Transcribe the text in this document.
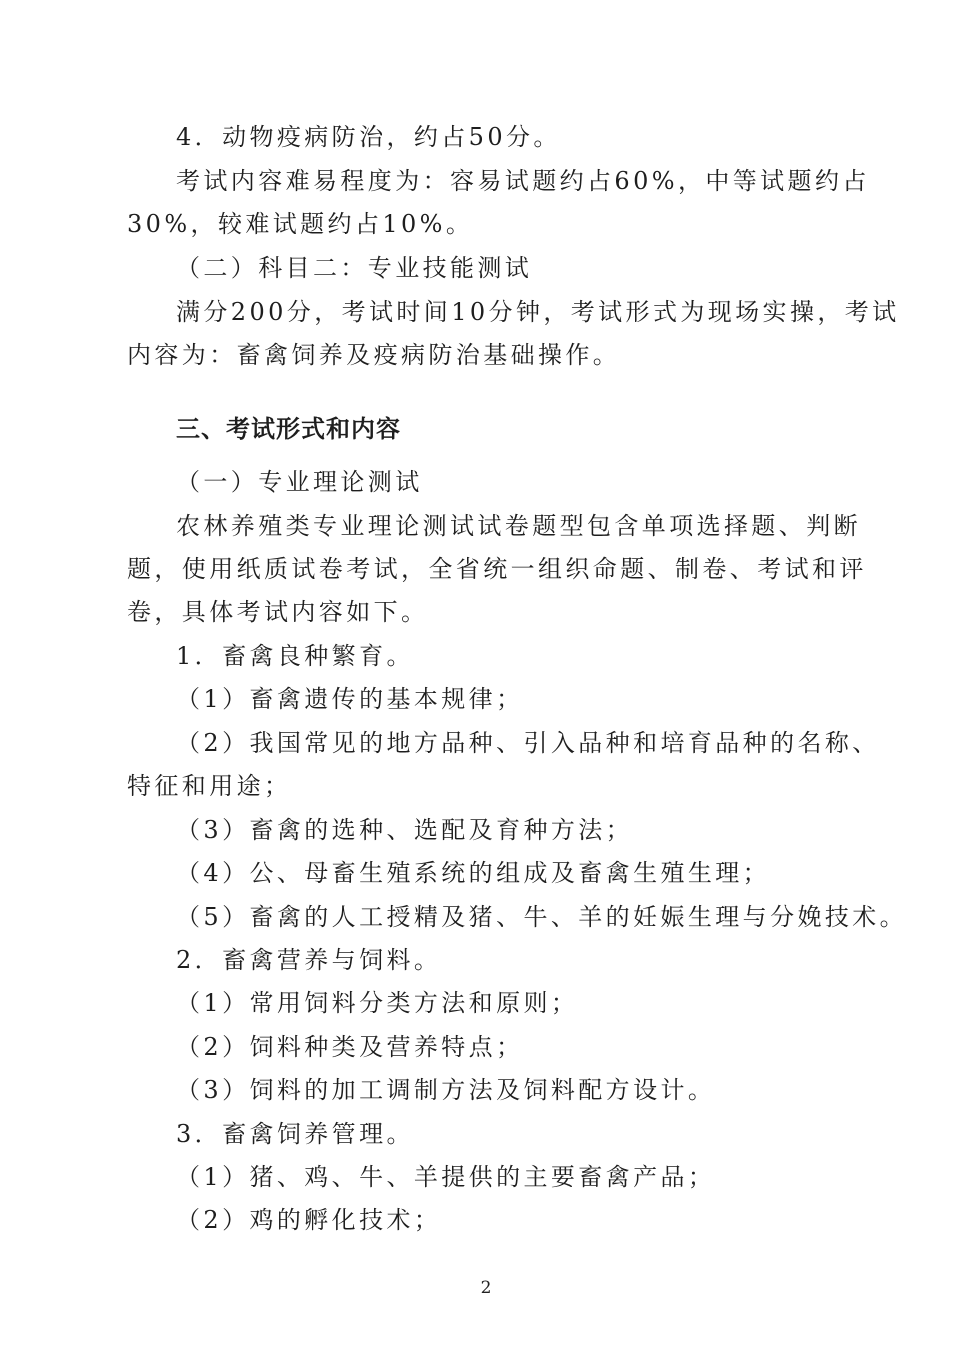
4．动物疫病防治，约占50分。
考试内容难易程度为：容易试题约占60%，中等试题约占
30%，较难试题约占10%。
（二）科目二：专业技能测试
满分200分，考试时间10分钟，考试形式为现场实操，考试
内容为：畜禽饲养及疫病防治基础操作。
三、考试形式和内容
（一）专业理论测试
农林养殖类专业理论测试试卷题型包含单项选择题、判断
题，使用纸质试卷考试，全省统一组织命题、制卷、考试和评
卷，具体考试内容如下。
1．畜禽良种繁育。
（1）畜禽遗传的基本规律；
（2）我国常见的地方品种、引入品种和培育品种的名称、
特征和用途；
（3）畜禽的选种、选配及育种方法；
（4）公、母畜生殖系统的组成及畜禽生殖生理；
（5）畜禽的人工授精及猪、牛、羊的妊娠生理与分娩技术。
2．畜禽营养与饲料。
（1）常用饲料分类方法和原则；
（2）饲料种类及营养特点；
（3）饲料的加工调制方法及饲料配方设计。
3．畜禽饲养管理。
（1）猪、鸡、牛、羊提供的主要畜禽产品；
（2）鸡的孵化技术；
2
